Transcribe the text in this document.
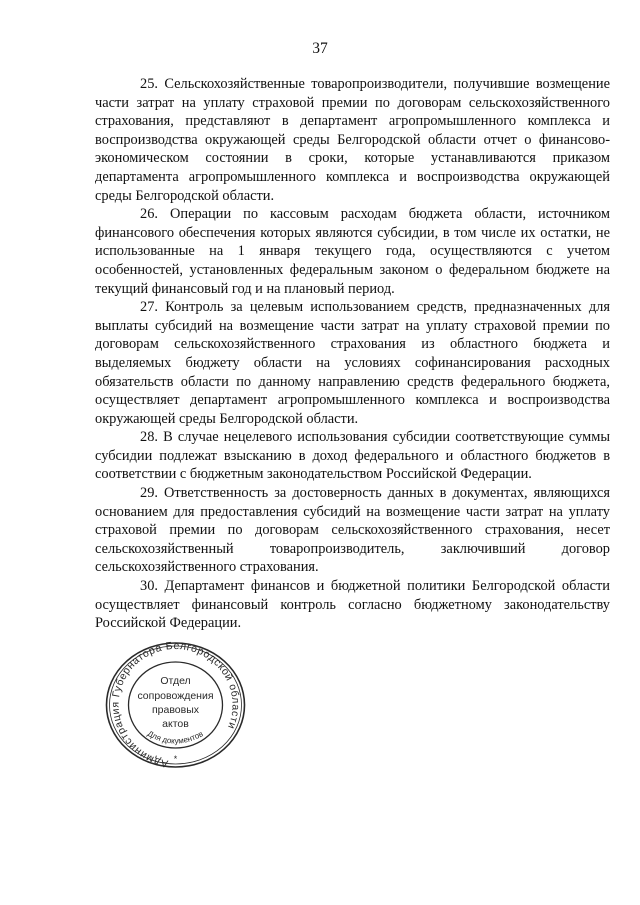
37

25. Сельскохозяйственные товаропроизводители, получившие возмещение части затрат на уплату страховой премии по договорам сельскохозяйственного страхования, представляют в департамент агропромышленного комплекса и воспроизводства окружающей среды Белгородской области отчет о финансово-экономическом состоянии в сроки, которые устанавливаются приказом департамента агропромышленного комплекса и воспроизводства окружающей среды Белгородской области.

26. Операции по кассовым расходам бюджета области, источником финансового обеспечения которых являются субсидии, в том числе их остатки, не использованные на 1 января текущего года, осуществляются с учетом особенностей, установленных федеральным законом о федеральном бюджете на текущий финансовый год и на плановый период.

27. Контроль за целевым использованием средств, предназначенных для выплаты субсидий на возмещение части затрат на уплату страховой премии по договорам сельскохозяйственного страхования из областного бюджета и выделяемых бюджету области на условиях софинансирования расходных обязательств области по данному направлению средств федерального бюджета, осуществляет департамент агропромышленного комплекса и воспроизводства окружающей среды Белгородской области.

28. В случае нецелевого использования субсидии соответствующие суммы субсидии подлежат взысканию в доход федерального и областного бюджетов в соответствии с бюджетным законодательством Российской Федерации.

29. Ответственность за достоверность данных в документах, являющихся основанием для предоставления субсидий на возмещение части затрат на уплату страховой премии по договорам сельскохозяйственного страхования, несет сельскохозяйственный товаропроизводитель, заключивший договор сельскохозяйственного страхования.

30. Департамент финансов и бюджетной политики Белгородской области осуществляет финансовый контроль согласно бюджетному законодательству Российской Федерации.

Администрация Губернатора Белгородской области
Для документов
Отдел
сопровождения
правовых
актов
*
